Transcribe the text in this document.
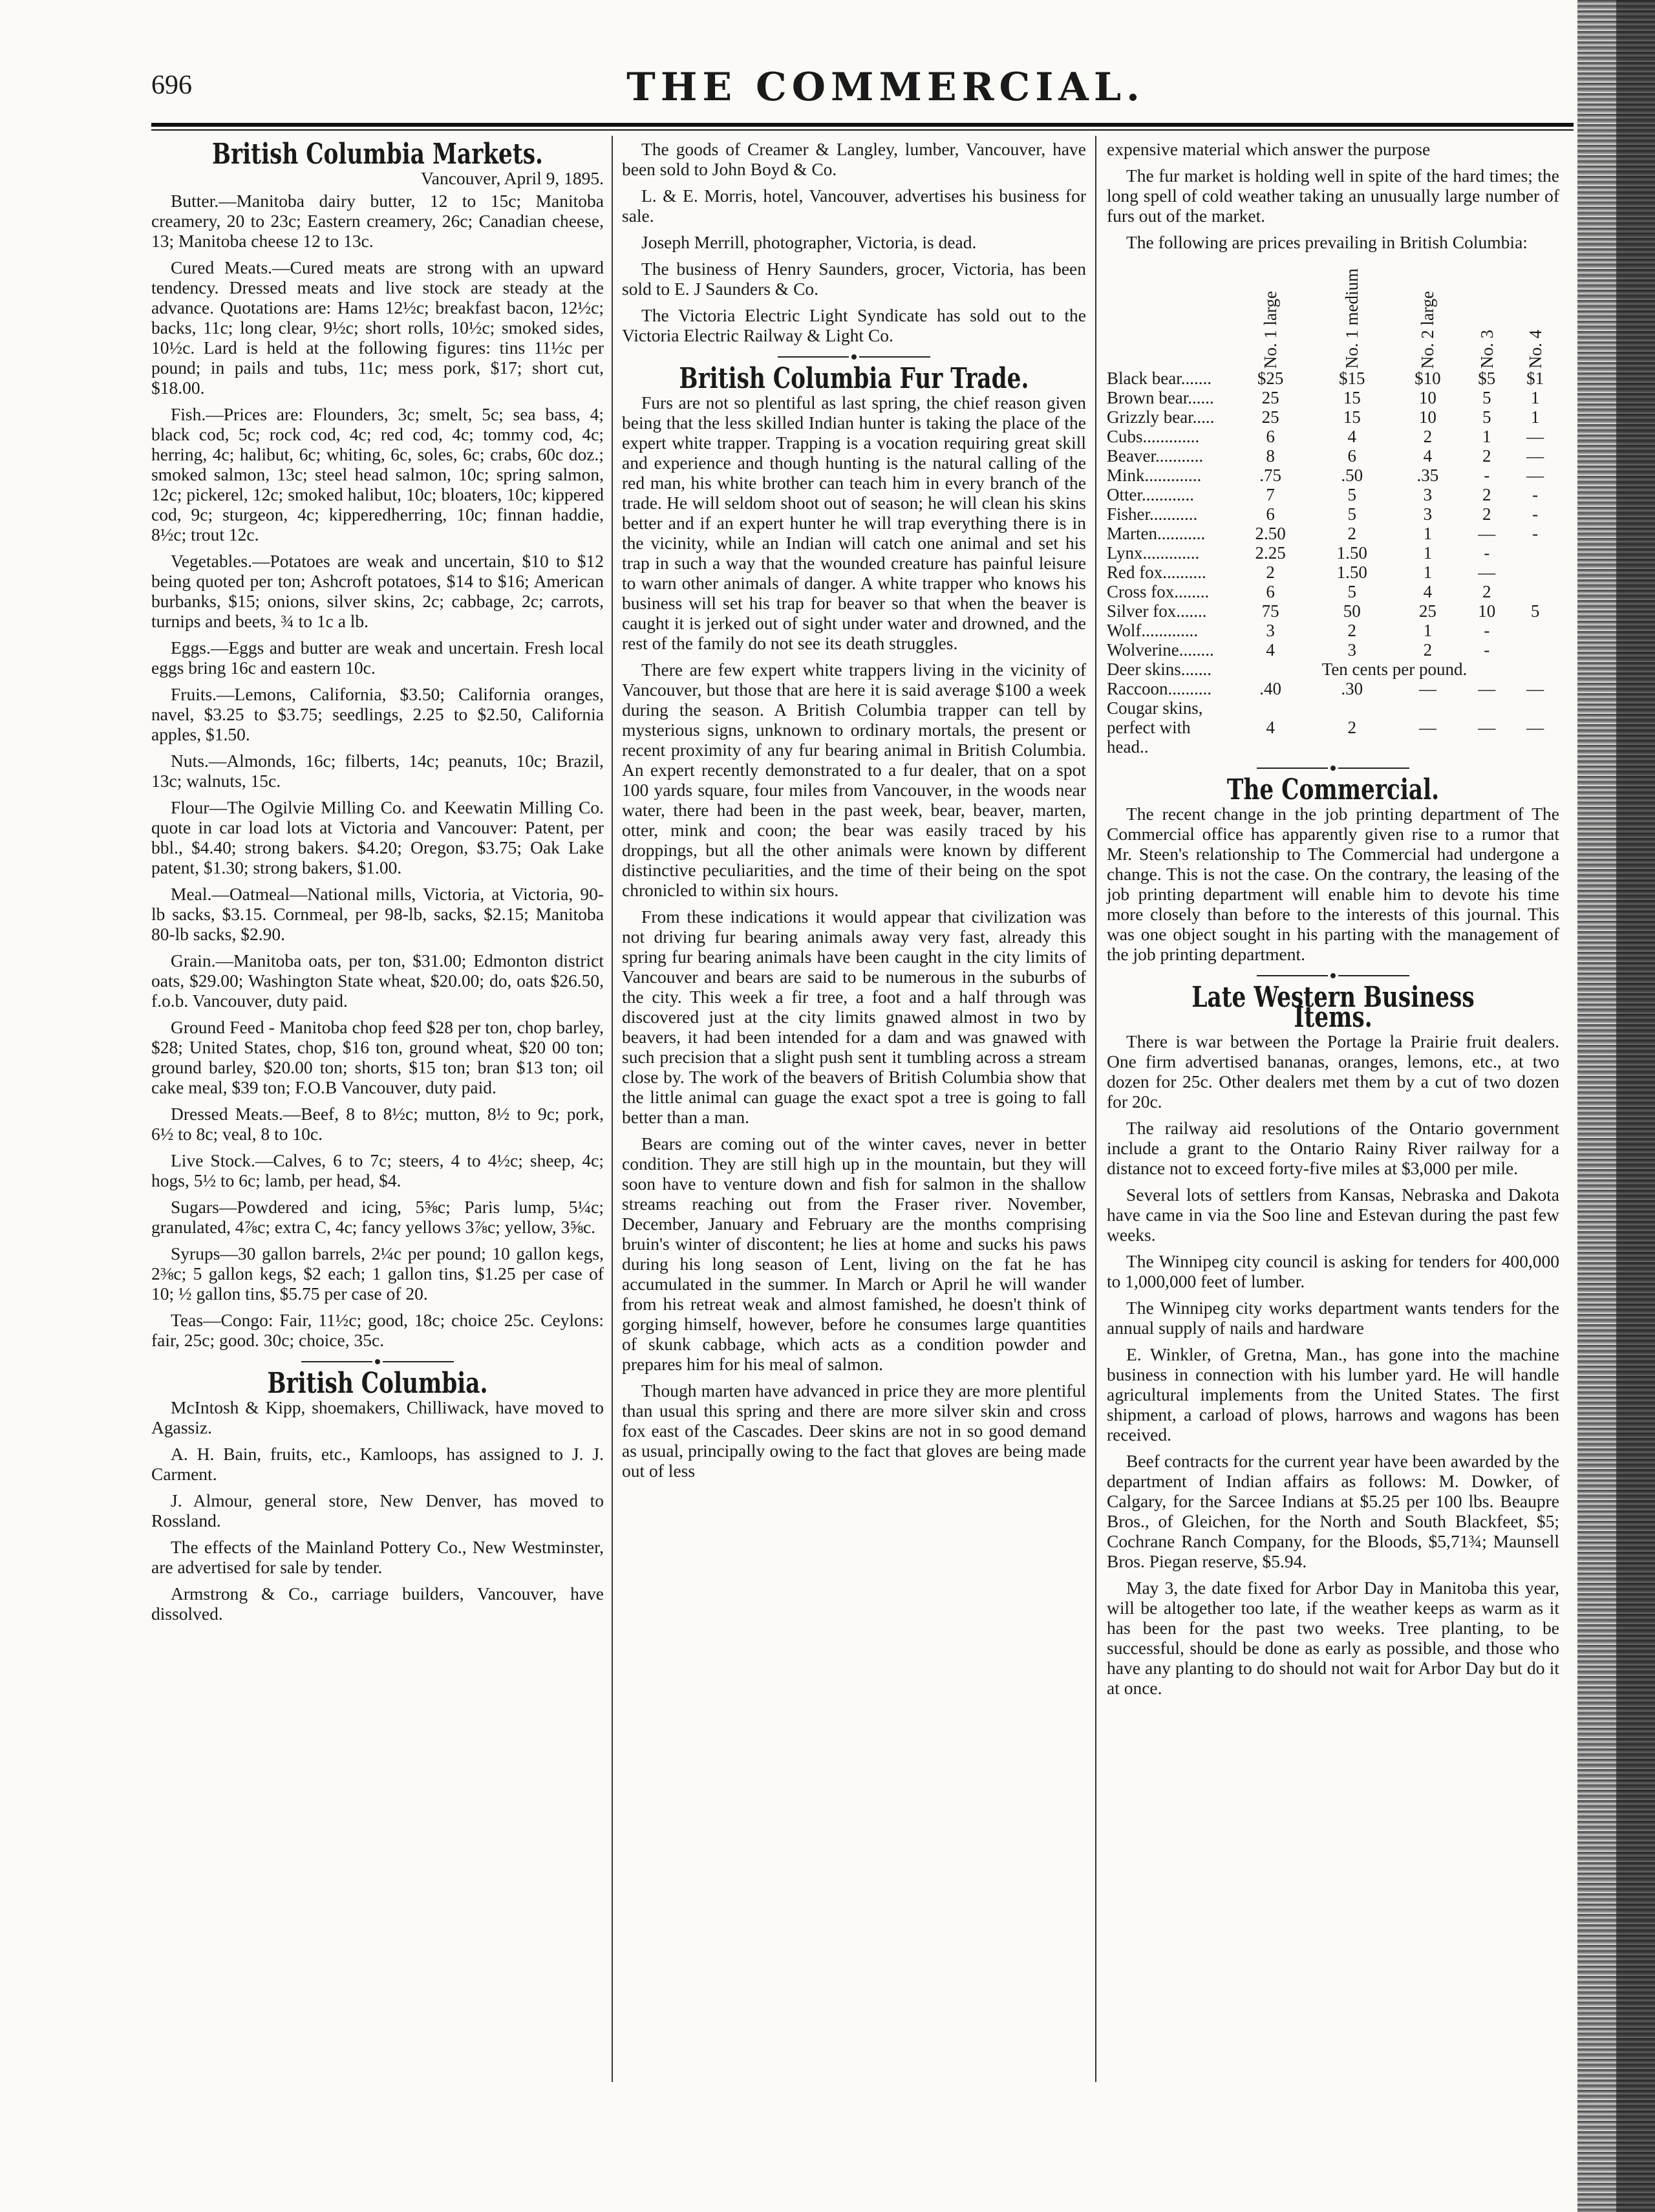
696	THE COMMERCIAL.
British Columbia Markets.
Vancouver, April 9, 1895.

Butter.—Manitoba dairy butter, 12 to 15c; Manitoba creamery, 20 to 23c; Eastern creamery, 26c; Canadian cheese, 13; Manitoba cheese 12 to 13c.

Cured Meats.—Cured meats are strong with an upward tendency. Dressed meats and live stock are steady at the advance. Quotations are: Hams 12½c; breakfast bacon, 12½c; backs, 11c; long clear, 9½c; short rolls, 10½c; smoked sides, 10½c. Lard is held at the following figures: tins 11½c per pound; in pails and tubs, 11c; mess pork, $17; short cut, $18.00.

Fish.—Prices are: Flounders, 3c; smelt, 5c; sea bass, 4; black cod, 5c; rock cod, 4c; red cod, 4c; tommy cod, 4c; herring, 4c; halibut, 6c; whiting, 6c, soles, 6c; crabs, 60c doz.; smoked salmon, 13c; steel head salmon, 10c; spring salmon, 12c; pickerel, 12c; smoked halibut, 10c; bloaters, 10c; kippered cod, 9c; sturgeon, 4c; kipperedherring, 10c; finnan haddie, 8½c; trout 12c.

Vegetables.—Potatoes are weak and uncertain, $10 to $12 being quoted per ton; Ashcroft potatoes, $14 to $16; American burbanks, $15; onions, silver skins, 2c; cabbage, 2c; carrots, turnips and beets, ¾ to 1c a lb.

Eggs.—Eggs and butter are weak and uncertain. Fresh local eggs bring 16c and eastern 10c.

Fruits.—Lemons, California, $3.50; California oranges, navel, $3.25 to $3.75; seedlings, 2.25 to $2.50, California apples, $1.50.

Nuts.—Almonds, 16c; filberts, 14c; peanuts, 10c; Brazil, 13c; walnuts, 15c.

Flour—The Ogilvie Milling Co. and Keewatin Milling Co. quote in car load lots at Victoria and Vancouver: Patent, per bbl., $4.40; strong bakers. $4.20; Oregon, $3.75; Oak Lake patent, $1.30; strong bakers, $1.00.

Meal.—Oatmeal—National mills, Victoria, at Victoria, 90-lb sacks, $3.15. Cornmeal, per 98-lb, sacks, $2.15; Manitoba 80-lb sacks, $2.90.

Grain.—Manitoba oats, per ton, $31.00; Edmonton district oats, $29.00; Washington State wheat, $20.00; do, oats $26.50, f.o.b. Vancouver, duty paid.

Ground Feed - Manitoba chop feed $28 per ton, chop barley, $28; United States, chop, $16 ton, ground wheat, $20 00 ton; ground barley, $20.00 ton; shorts, $15 ton; bran $13 ton; oil cake meal, $39 ton; F.O.B Vancouver, duty paid.

Dressed Meats.—Beef, 8 to 8½c; mutton, 8½ to 9c; pork, 6½ to 8c; veal, 8 to 10c.

Live Stock.—Calves, 6 to 7c; steers, 4 to 4½c; sheep, 4c; hogs, 5½ to 6c; lamb, per head, $4.

Sugars—Powdered and icing, 5⅝c; Paris lump, 5¼c; granulated, 4⅞c; extra C, 4c; fancy yellows 3⅞c; yellow, 3⅝c.

Syrups—30 gallon barrels, 2¼c per pound; 10 gallon kegs, 2⅜c; 5 gallon kegs, $2 each; 1 gallon tins, $1.25 per case of 10; ½ gallon tins, $5.75 per case of 20.

Teas—Congo: Fair, 11½c; good, 18c; choice 25c. Ceylons: fair, 25c; good. 30c; choice, 35c.

British Columbia.

McIntosh & Kipp, shoemakers, Chilliwack, have moved to Agassiz.

A. H. Bain, fruits, etc., Kamloops, has assigned to J. J. Carment.

J. Almour, general store, New Denver, has moved to Rossland.

The effects of the Mainland Pottery Co., New Westminster, are advertised for sale by tender.

Armstrong & Co., carriage builders, Vancouver, have dissolved.

The goods of Creamer & Langley, lumber, Vancouver, have been sold to John Boyd & Co.

L. & E. Morris, hotel, Vancouver, advertises his business for sale.

Joseph Merrill, photographer, Victoria, is dead.

The business of Henry Saunders, grocer, Victoria, has been sold to E. J Saunders & Co.

The Victoria Electric Light Syndicate has sold out to the Victoria Electric Railway & Light Co.

British Columbia Fur Trade.

Furs are not so plentiful as last spring, the chief reason given being that the less skilled Indian hunter is taking the place of the expert white trapper. Trapping is a vocation requiring great skill and experience and though hunting is the natural calling of the red man, his white brother can teach him in every branch of the trade. He will seldom shoot out of season; he will clean his skins better and if an expert hunter he will trap everything there is in the vicinity, while an Indian will catch one animal and set his trap in such a way that the wounded creature has painful leisure to warn other animals of danger. A white trapper who knows his business will set his trap for beaver so that when the beaver is caught it is jerked out of sight under water and drowned, and the rest of the family do not see its death struggles.

There are few expert white trappers living in the vicinity of Vancouver, but those that are here it is said average $100 a week during the season. A British Columbia trapper can tell by mysterious signs, unknown to ordinary mortals, the present or recent proximity of any fur bearing animal in British Columbia. An expert recently demonstrated to a fur dealer, that on a spot 100 yards square, four miles from Vancouver, in the woods near water, there had been in the past week, bear, beaver, marten, otter, mink and coon; the bear was easily traced by his droppings, but all the other animals were known by different distinctive peculiarities, and the time of their being on the spot chronicled to within six hours.

From these indications it would appear that civilization was not driving fur bearing animals away very fast, already this spring fur bearing animals have been caught in the city limits of Vancouver and bears are said to be numerous in the suburbs of the city. This week a fir tree, a foot and a half through was discovered just at the city limits gnawed almost in two by beavers, it had been intended for a dam and was gnawed with such precision that a slight push sent it tumbling across a stream close by. The work of the beavers of British Columbia show that the little animal can guage the exact spot a tree is going to fall better than a man.

Bears are coming out of the winter caves, never in better condition. They are still high up in the mountain, but they will soon have to venture down and fish for salmon in the shallow streams reaching out from the Fraser river. November, December, January and February are the months comprising bruin's winter of discontent; he lies at home and sucks his paws during his long season of Lent, living on the fat he has accumulated in the summer. In March or April he will wander from his retreat weak and almost famished, he doesn't think of gorging himself, however, before he consumes large quantities of skunk cabbage, which acts as a condition powder and prepares him for his meal of salmon.

Though marten have advanced in price they are more plentiful than usual this spring and there are more silver skin and cross fox east of the Cascades. Deer skins are not in so good demand as usual, principally owing to the fact that gloves are being made out of less

expensive material which answer the purpose

The fur market is holding well in spite of the hard times; the long spell of cold weather taking an unusually large number of furs out of the market.

The following are prices prevailing in British Columbia:

	No. 1 large	No. 1 medium	No. 2 large	No. 3	No. 4

Black bear.......	$25	$15	$10	$5	$1
Brown bear......	25	15	10	5	1
Grizzly bear.....	25	15	10	5	1
Cubs.............	6	4	2	1	—
Beaver...........	8	6	4	2	—
Mink.............	.75	.50	.35	-	—
Otter............	7	5	3	2	-
Fisher...........	6	5	3	2	-
Marten...........	2.50	2	1	—	-
Lynx.............	2.25	1.50	1	-	
Red fox..........	2	1.50	1	—	
Cross fox........	6	5	4	2	
Silver fox.......	75	50	25	10	5
Wolf.............	3	2	1	-	
Wolverine........	4	3	2	-	
Deer skins.......	Ten cents per pound.				
Raccoon..........	.40	.30	—	—	—
Cougar skins, perfect with head..	4	2	—	—	—
The Commercial.

The recent change in the job printing department of The Commercial office has apparently given rise to a rumor that Mr. Steen's relationship to The Commercial had undergone a change. This is not the case. On the contrary, the leasing of the job printing department will enable him to devote his time more closely than before to the interests of this journal. This was one object sought in his parting with the management of the job printing department.

Late Western Business Items.

There is war between the Portage la Prairie fruit dealers. One firm advertised bananas, oranges, lemons, etc., at two dozen for 25c. Other dealers met them by a cut of two dozen for 20c.

The railway aid resolutions of the Ontario government include a grant to the Ontario Rainy River railway for a distance not to exceed forty-five miles at $3,000 per mile.

Several lots of settlers from Kansas, Nebraska and Dakota have came in via the Soo line and Estevan during the past few weeks.

The Winnipeg city council is asking for tenders for 400,000 to 1,000,000 feet of lumber.

The Winnipeg city works department wants tenders for the annual supply of nails and hardware

E. Winkler, of Gretna, Man., has gone into the machine business in connection with his lumber yard. He will handle agricultural implements from the United States. The first shipment, a carload of plows, harrows and wagons has been received.

Beef contracts for the current year have been awarded by the department of Indian affairs as follows: M. Dowker, of Calgary, for the Sarcee Indians at $5.25 per 100 lbs. Beaupre Bros., of Gleichen, for the North and South Blackfeet, $5; Cochrane Ranch Company, for the Bloods, $5,71¾; Maunsell Bros. Piegan reserve, $5.94.

May 3, the date fixed for Arbor Day in Manitoba this year, will be altogether too late, if the weather keeps as warm as it has been for the past two weeks. Tree planting, to be successful, should be done as early as possible, and those who have any planting to do should not wait for Arbor Day but do it at once.
